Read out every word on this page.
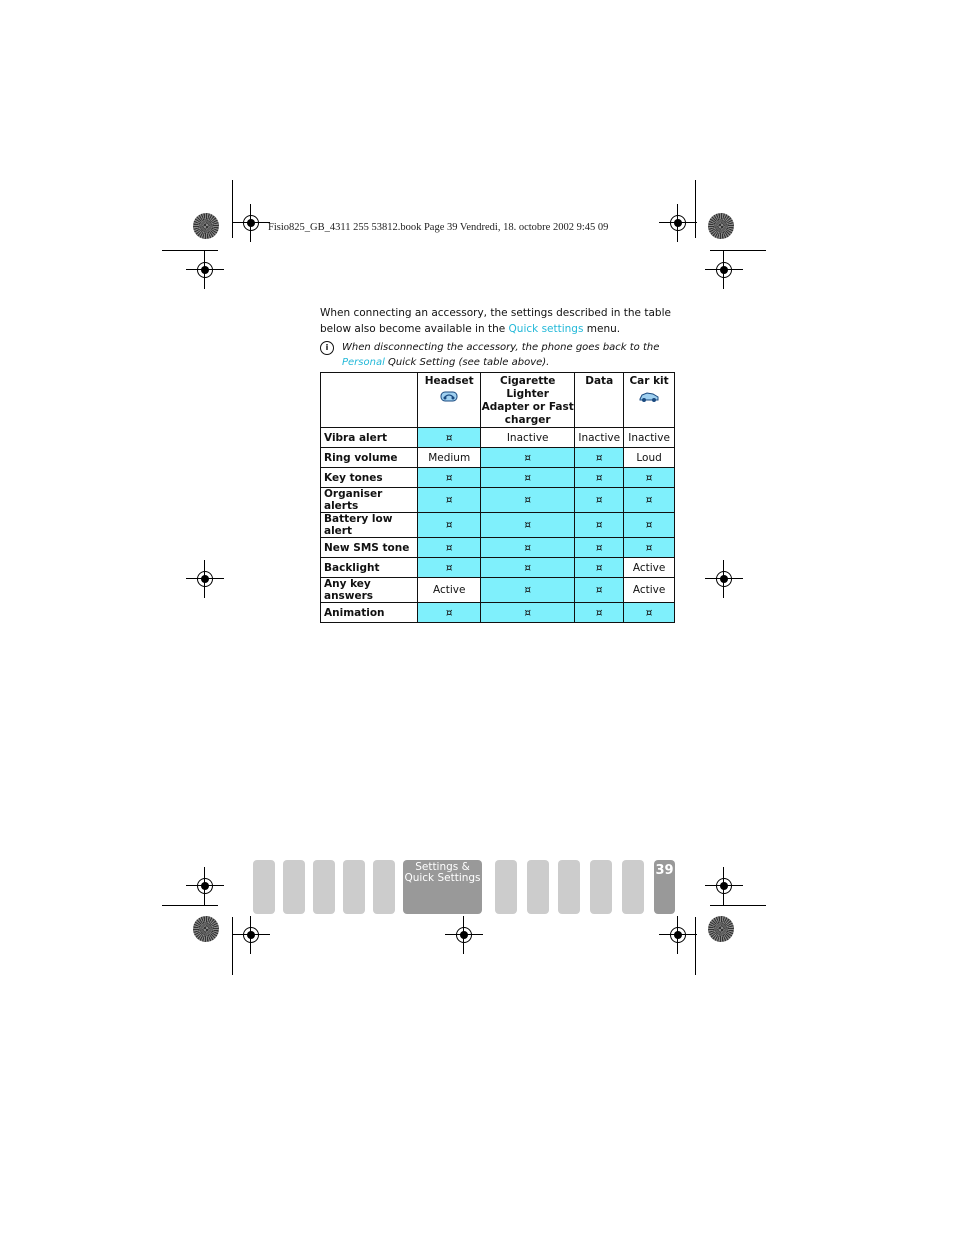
Fisio825_GB_4311 255 53812.book Page 39 Vendredi, 18. octobre 2002 9:45 09
When connecting an accessory, the settings described in the table below also become available in the Quick settings menu.
i	When disconnecting the accessory, the phone goes back to the Personal Quick Setting (see table above).
	Headset	Cigarette Lighter Adapter or Fast charger	Data	Car kit

Vibra alert	¤	Inactive	Inactive	Inactive
Ring volume	Medium	¤	¤	Loud
Key tones	¤	¤	¤	¤
Organiser alerts	¤	¤	¤	¤
Battery low alert	¤	¤	¤	¤
New SMS tone	¤	¤	¤	¤
Backlight	¤	¤	¤	Active
Any key answers	Active	¤	¤	Active
Animation	¤	¤	¤	¤
Settings & Quick Settings	39
